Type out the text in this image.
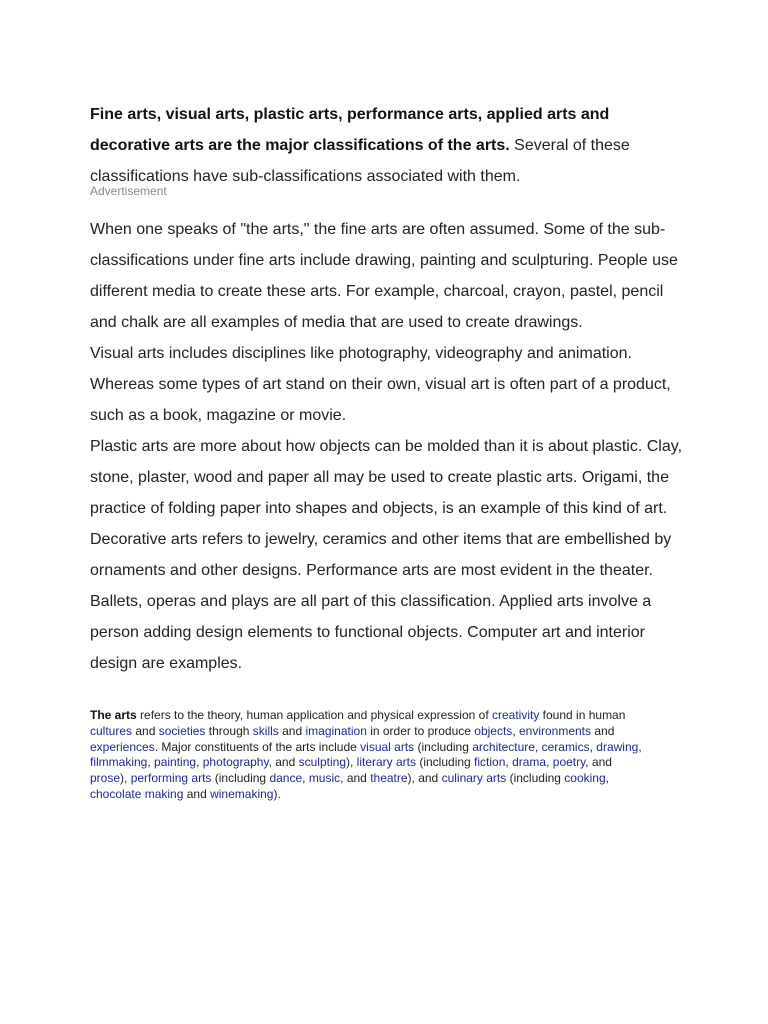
Fine arts, visual arts, plastic arts, performance arts, applied arts and decorative arts are the major classifications of the arts. Several of these classifications have sub-classifications associated with them.

Advertisement

When one speaks of "the arts," the fine arts are often assumed. Some of the sub-classifications under fine arts include drawing, painting and sculpturing. People use different media to create these arts. For example, charcoal, crayon, pastel, pencil and chalk are all examples of media that are used to create drawings.

Visual arts includes disciplines like photography, videography and animation. Whereas some types of art stand on their own, visual art is often part of a product, such as a book, magazine or movie.

Plastic arts are more about how objects can be molded than it is about plastic. Clay, stone, plaster, wood and paper all may be used to create plastic arts. Origami, the practice of folding paper into shapes and objects, is an example of this kind of art.

Decorative arts refers to jewelry, ceramics and other items that are embellished by ornaments and other designs. Performance arts are most evident in the theater. Ballets, operas and plays are all part of this classification. Applied arts involve a person adding design elements to functional objects. Computer art and interior design are examples.

The arts refers to the theory, human application and physical expression of creativity found in human cultures and societies through skills and imagination in order to produce objects, environments and experiences. Major constituents of the arts include visual arts (including architecture, ceramics, drawing, filmmaking, painting, photography, and sculpting), literary arts (including fiction, drama, poetry, and prose), performing arts (including dance, music, and theatre), and culinary arts (including cooking, chocolate making and winemaking).
